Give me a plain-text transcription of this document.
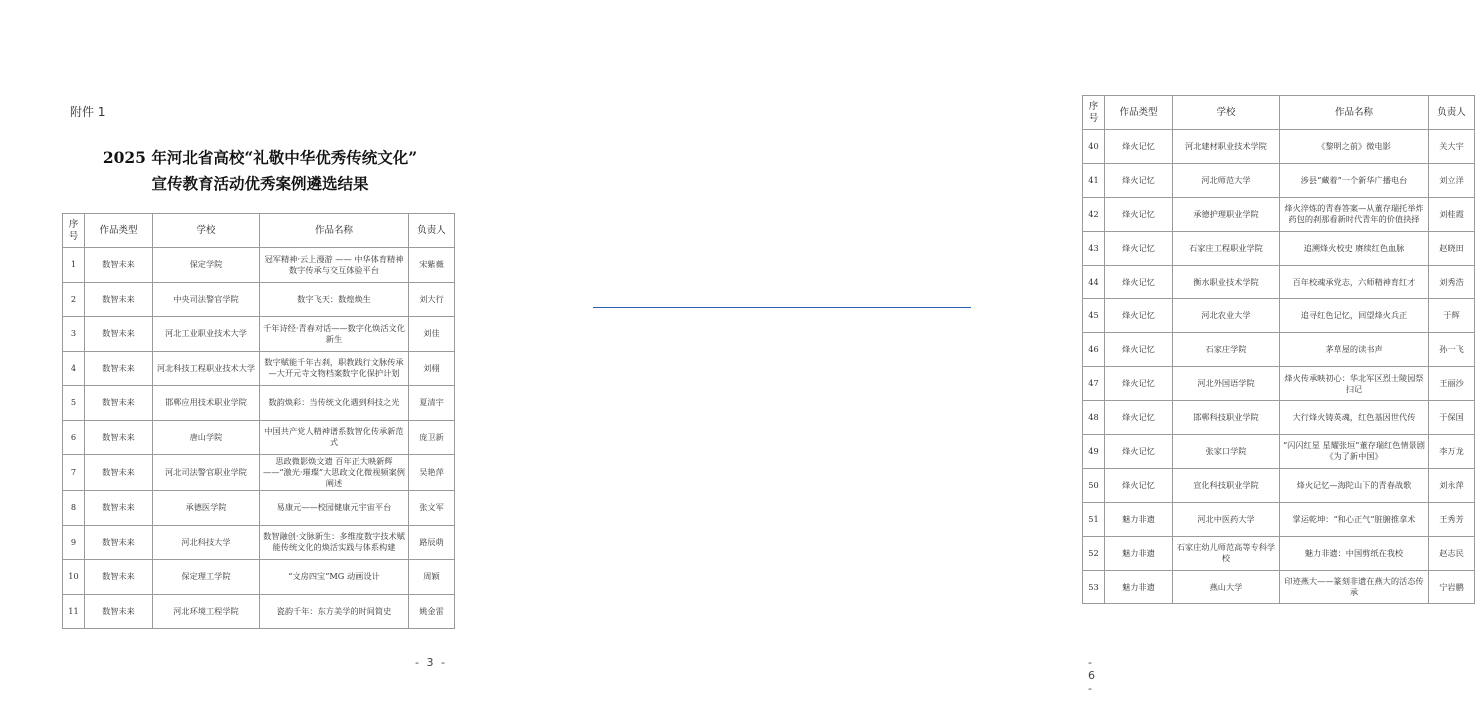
附件 1
2025 年河北省高校“礼敬中华优秀传统文化”
宣传教育活动优秀案例遴选结果
序号	作品类型	学校	作品名称	负责人
1	数智未来	保定学院	冠军精神·云上漫游 —— 中华体育精神数字传承与交互体验平台	宋紫薇
2	数智未来	中央司法警官学院	数字飞天：数煌焕生	刘大行
3	数智未来	河北工业职业技术大学	千年诗经·青春对话——数字化焕活文化新生	刘佳
4	数智未来	河北科技工程职业技术大学	数字赋能千年古刹，职教践行文脉传承—大开元寺文物档案数字化保护计划	刘栩
5	数智未来	邯郸应用技术职业学院	数韵焕彩：当传统文化遇到科技之光	夏清宇
6	数智未来	唐山学院	中国共产党人精神谱系数智化传承新范式	庞卫新
7	数智未来	河北司法警官职业学院	思政微影焕文遗 百年正大映新辉——“激光·璀璨”大思政文化微视频案例阐述	吴艳萍
8	数智未来	承德医学院	易康元——校园健康元宇宙平台	张文军
9	数智未来	河北科技大学	数智融创·文脉新生：多维度数字技术赋能传统文化的焕活实践与体系构建	路辰萌
10	数智未来	保定理工学院	“文房四宝”MG 动画设计	周颖
11	数智未来	河北环境工程学院	瓷韵千年：东方美学的时间简史	姚金雷
- 3 -
序号	作品类型	学校	作品名称	负责人
40	烽火记忆	河北建材职业技术学院	《黎明之前》微电影	关大宇
41	烽火记忆	河北师范大学	涉县“藏着”一个新华广播电台	刘立洋
42	烽火记忆	承德护理职业学院	烽火淬炼的青春答案—从董存瑞托举炸药包的刹那看新时代青年的价值抉择	刘桂霞
43	烽火记忆	石家庄工程职业学院	追溯烽火校史 赓续红色血脉	赵晓田
44	烽火记忆	衡水职业技术学院	百年校魂承党志，六师精神育红才	刘秀浩
45	烽火记忆	河北农业大学	追寻红色记忆，回望烽火兵正	于辉
46	烽火记忆	石家庄学院	茅草屋的读书声	孙一飞
47	烽火记忆	河北外国语学院	烽火传承映初心：华北军区烈士陵园祭扫记	王丽沙
48	烽火记忆	邯郸科技职业学院	大行烽火铸英魂，红色基因世代传	于保国
49	烽火记忆	张家口学院	“闪闪红星 星耀张垣”董存瑞红色情景剧《为了新中国》	李万龙
50	烽火记忆	宣化科技职业学院	烽火记忆—海陀山下的青春战歌	刘永萍
51	魅力非遗	河北中医药大学	掌运乾坤：“和心正气”脏腑推拿术	王秀芳
52	魅力非遗	石家庄幼儿师范高等专科学校	魅力非遗：中国剪纸在我校	赵志民
53	魅力非遗	燕山大学	印迹燕大——篆刻非遗在燕大的活态传承	宁岩鹏
- 6 -
